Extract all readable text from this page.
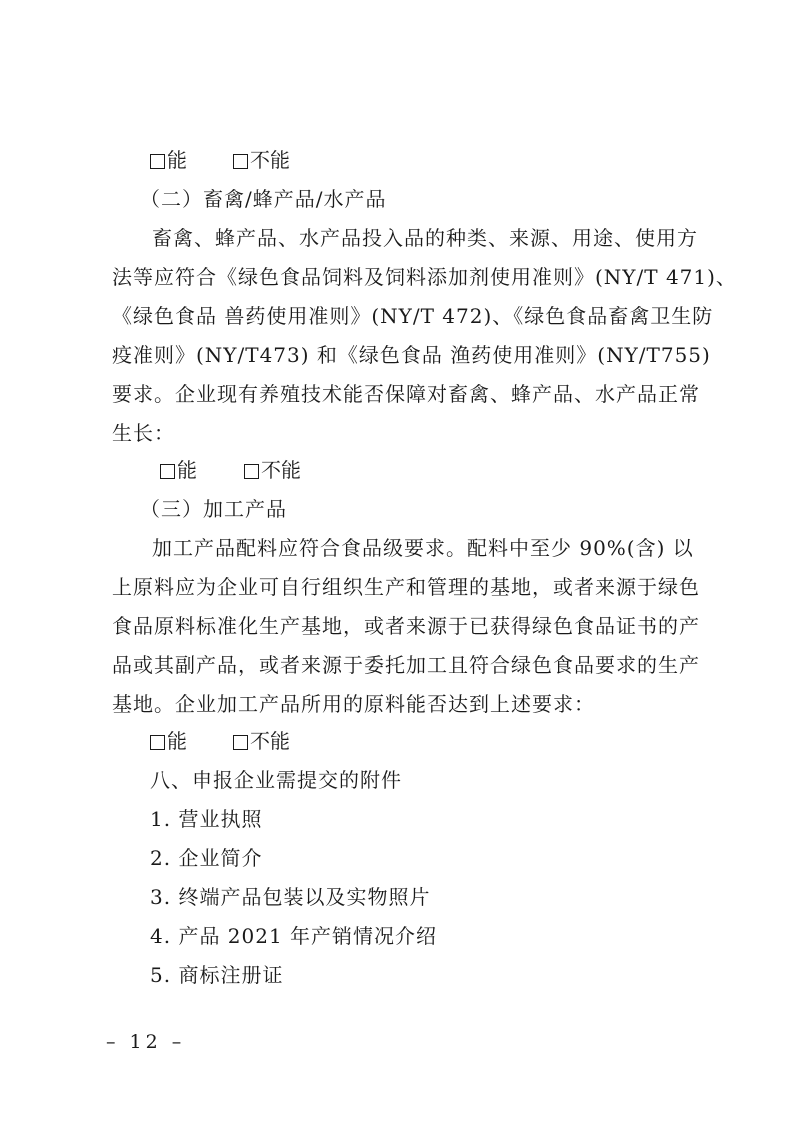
能	不能
（二）畜禽/蜂产品/水产品
畜禽、蜂产品、水产品投入品的种类、来源、用途、使用方
法等应符合《绿色食品饲料及饲料添加剂使用准则》(NY/T 471)、
《绿色食品 兽药使用准则》(NY/T 472)、《绿色食品畜禽卫生防
疫准则》(NY/T473) 和《绿色食品 渔药使用准则》(NY/T755)
要求。企业现有养殖技术能否保障对畜禽、蜂产品、水产品正常
生长：
能	不能
（三）加工产品
加工产品配料应符合食品级要求。配料中至少 90%(含) 以
上原料应为企业可自行组织生产和管理的基地，或者来源于绿色
食品原料标准化生产基地，或者来源于已获得绿色食品证书的产
品或其副产品，或者来源于委托加工且符合绿色食品要求的生产
基地。企业加工产品所用的原料能否达到上述要求：
能	不能
八、申报企业需提交的附件
1. 营业执照
2. 企业简介
3. 终端产品包装以及实物照片
4. 产品 2021 年产销情况介绍
5. 商标注册证
– 12 –
